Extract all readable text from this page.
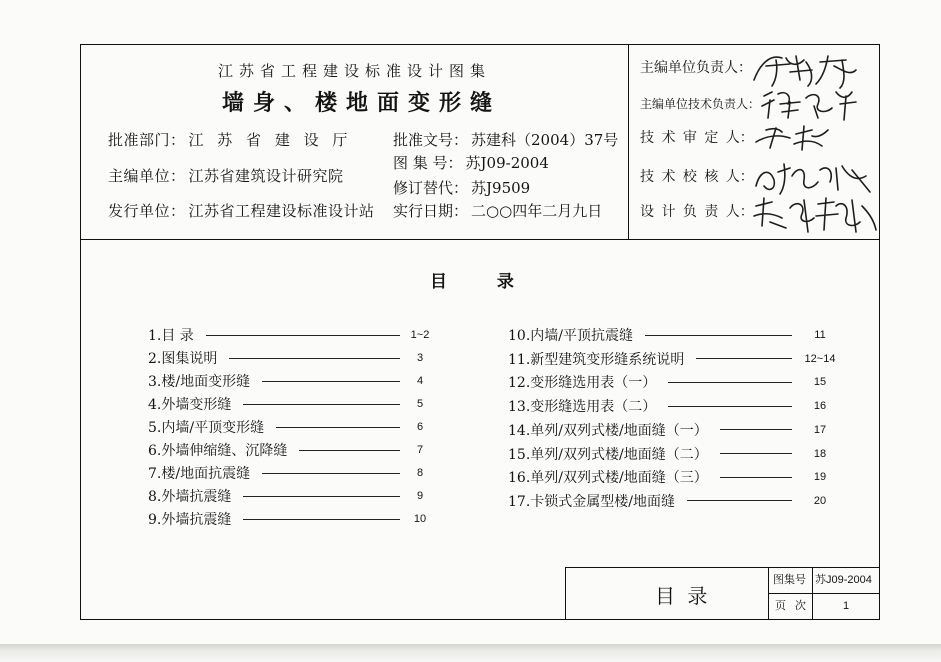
江苏省工程建设标准设计图集
墙身、楼地面变形缝
批准部门： 江 苏 省 建 设 厅
主编单位： 江苏省建筑设计研究院
发行单位： 江苏省工程建设标准设计站
批准文号： 苏建科（2004）37号
图 集 号： 苏J09-2004
修订替代： 苏J9509
实行日期： 二○○四年二月九日
主编单位负责人：
主编单位技术负责人：
技 术 审 定 人：
技 术 校 核 人：
设 计 负 责 人：
目 录
1.目 录	1~2
2.图集说明	3
3.楼/地面变形缝	4
4.外墙变形缝	5
5.内墙/平顶变形缝	6
6.外墙伸缩缝、沉降缝	7
7.楼/地面抗震缝	8
8.外墙抗震缝	9
9.外墙抗震缝	10
10.内墙/平顶抗震缝	11
11.新型建筑变形缝系统说明	12~14
12.变形缝选用表（一）	15
13.变形缝选用表（二）	16
14.单列/双列式楼/地面缝（一）	17
15.单列/双列式楼/地面缝（二）	18
16.单列/双列式楼/地面缝（三）	19
17.卡锁式金属型楼/地面缝	20
目 录
图集号 苏J09-2004
页 次	1
